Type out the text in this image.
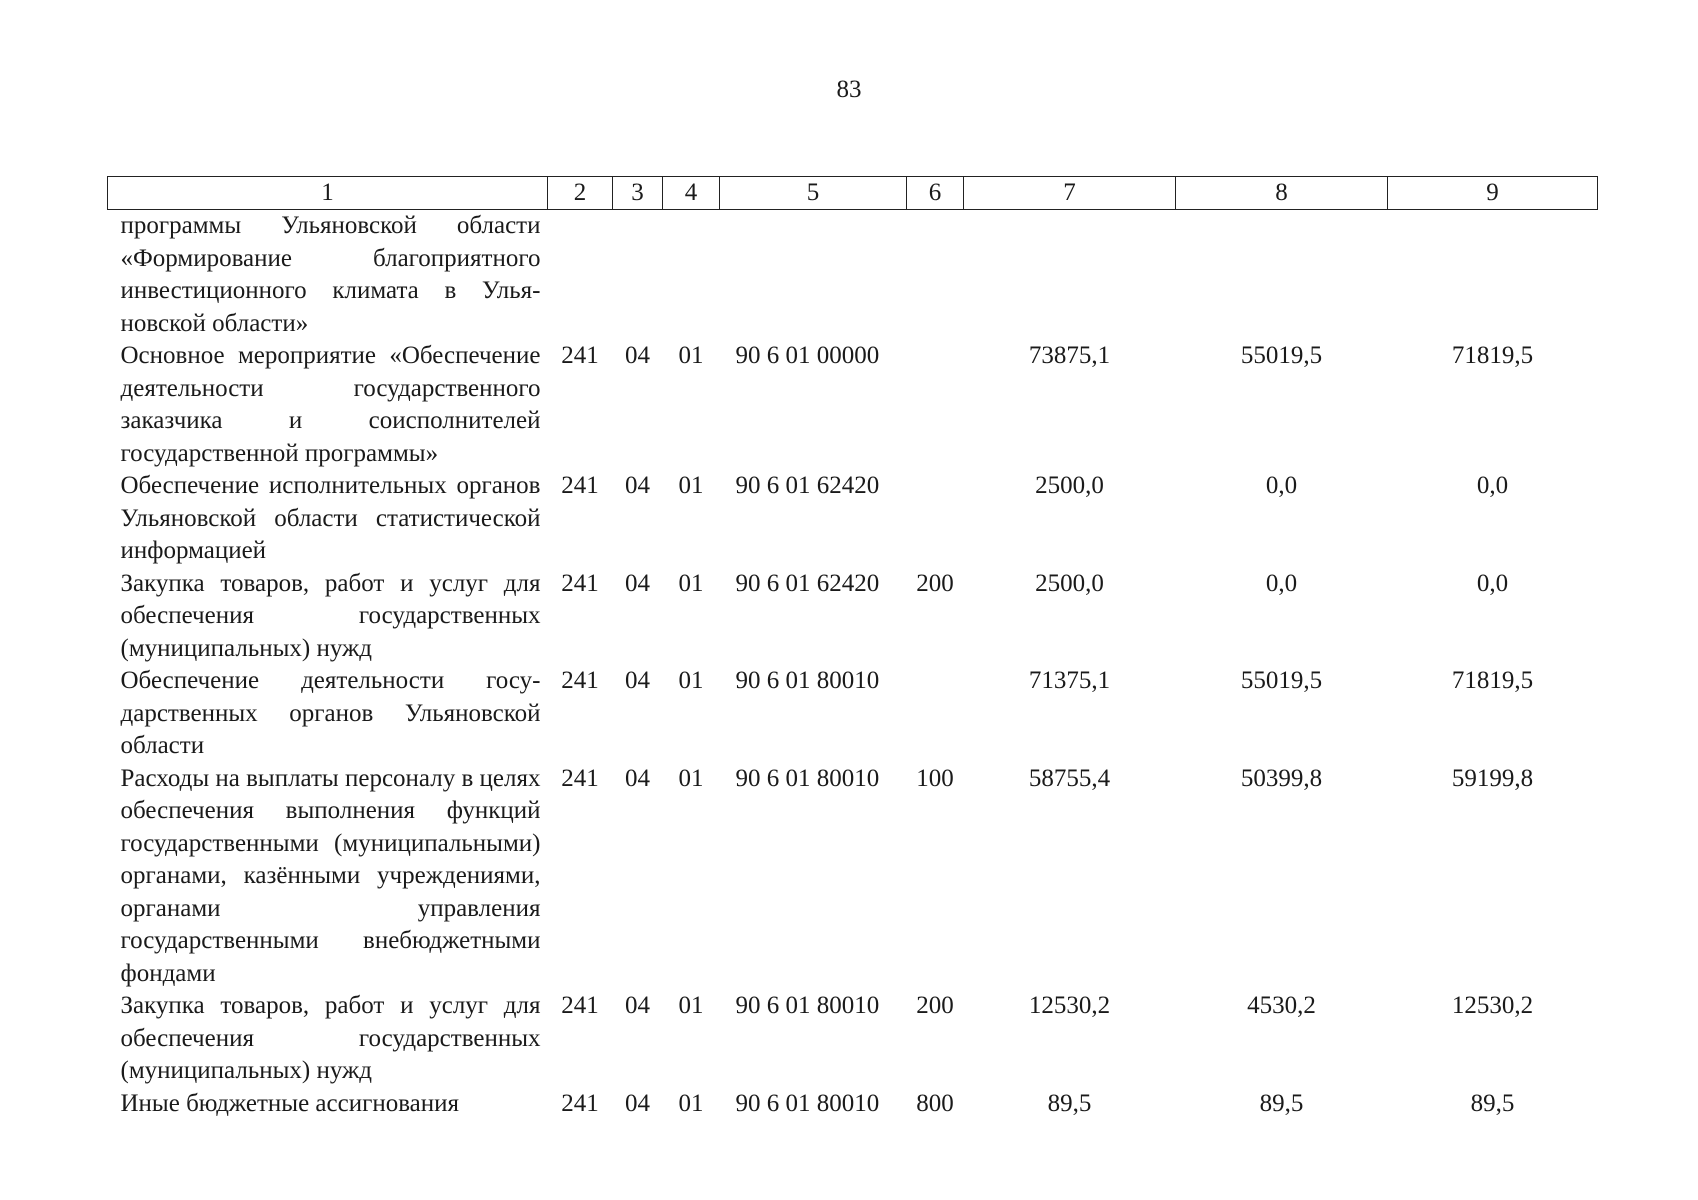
83
1	2	3	4	5	6	7	8	9
программы Ульяновской области «Формирование благоприятного инвестиционного климата в Ульяновской области»								
Основное мероприятие «Обеспечение деятельности государственного заказчика и соисполнителей государственной программы»	241	04	01	90 6 01 00000		73875,1	55019,5	71819,5
Обеспечение исполнительных органов Ульяновской области статистической информацией	241	04	01	90 6 01 62420		2500,0	0,0	0,0
Закупка товаров, работ и услуг для обеспечения государственных (муниципальных) нужд	241	04	01	90 6 01 62420	200	2500,0	0,0	0,0
Обеспечение деятельности государственных органов Ульяновской области	241	04	01	90 6 01 80010		71375,1	55019,5	71819,5
Расходы на выплаты персоналу в целях обеспечения выполнения функций государственными (муниципальными) органами, казёнными учреждениями, органами управления государственными внебюджетными фондами	241	04	01	90 6 01 80010	100	58755,4	50399,8	59199,8
Закупка товаров, работ и услуг для обеспечения государственных (муниципальных) нужд	241	04	01	90 6 01 80010	200	12530,2	4530,2	12530,2
Иные бюджетные ассигнования	241	04	01	90 6 01 80010	800	89,5	89,5	89,5
